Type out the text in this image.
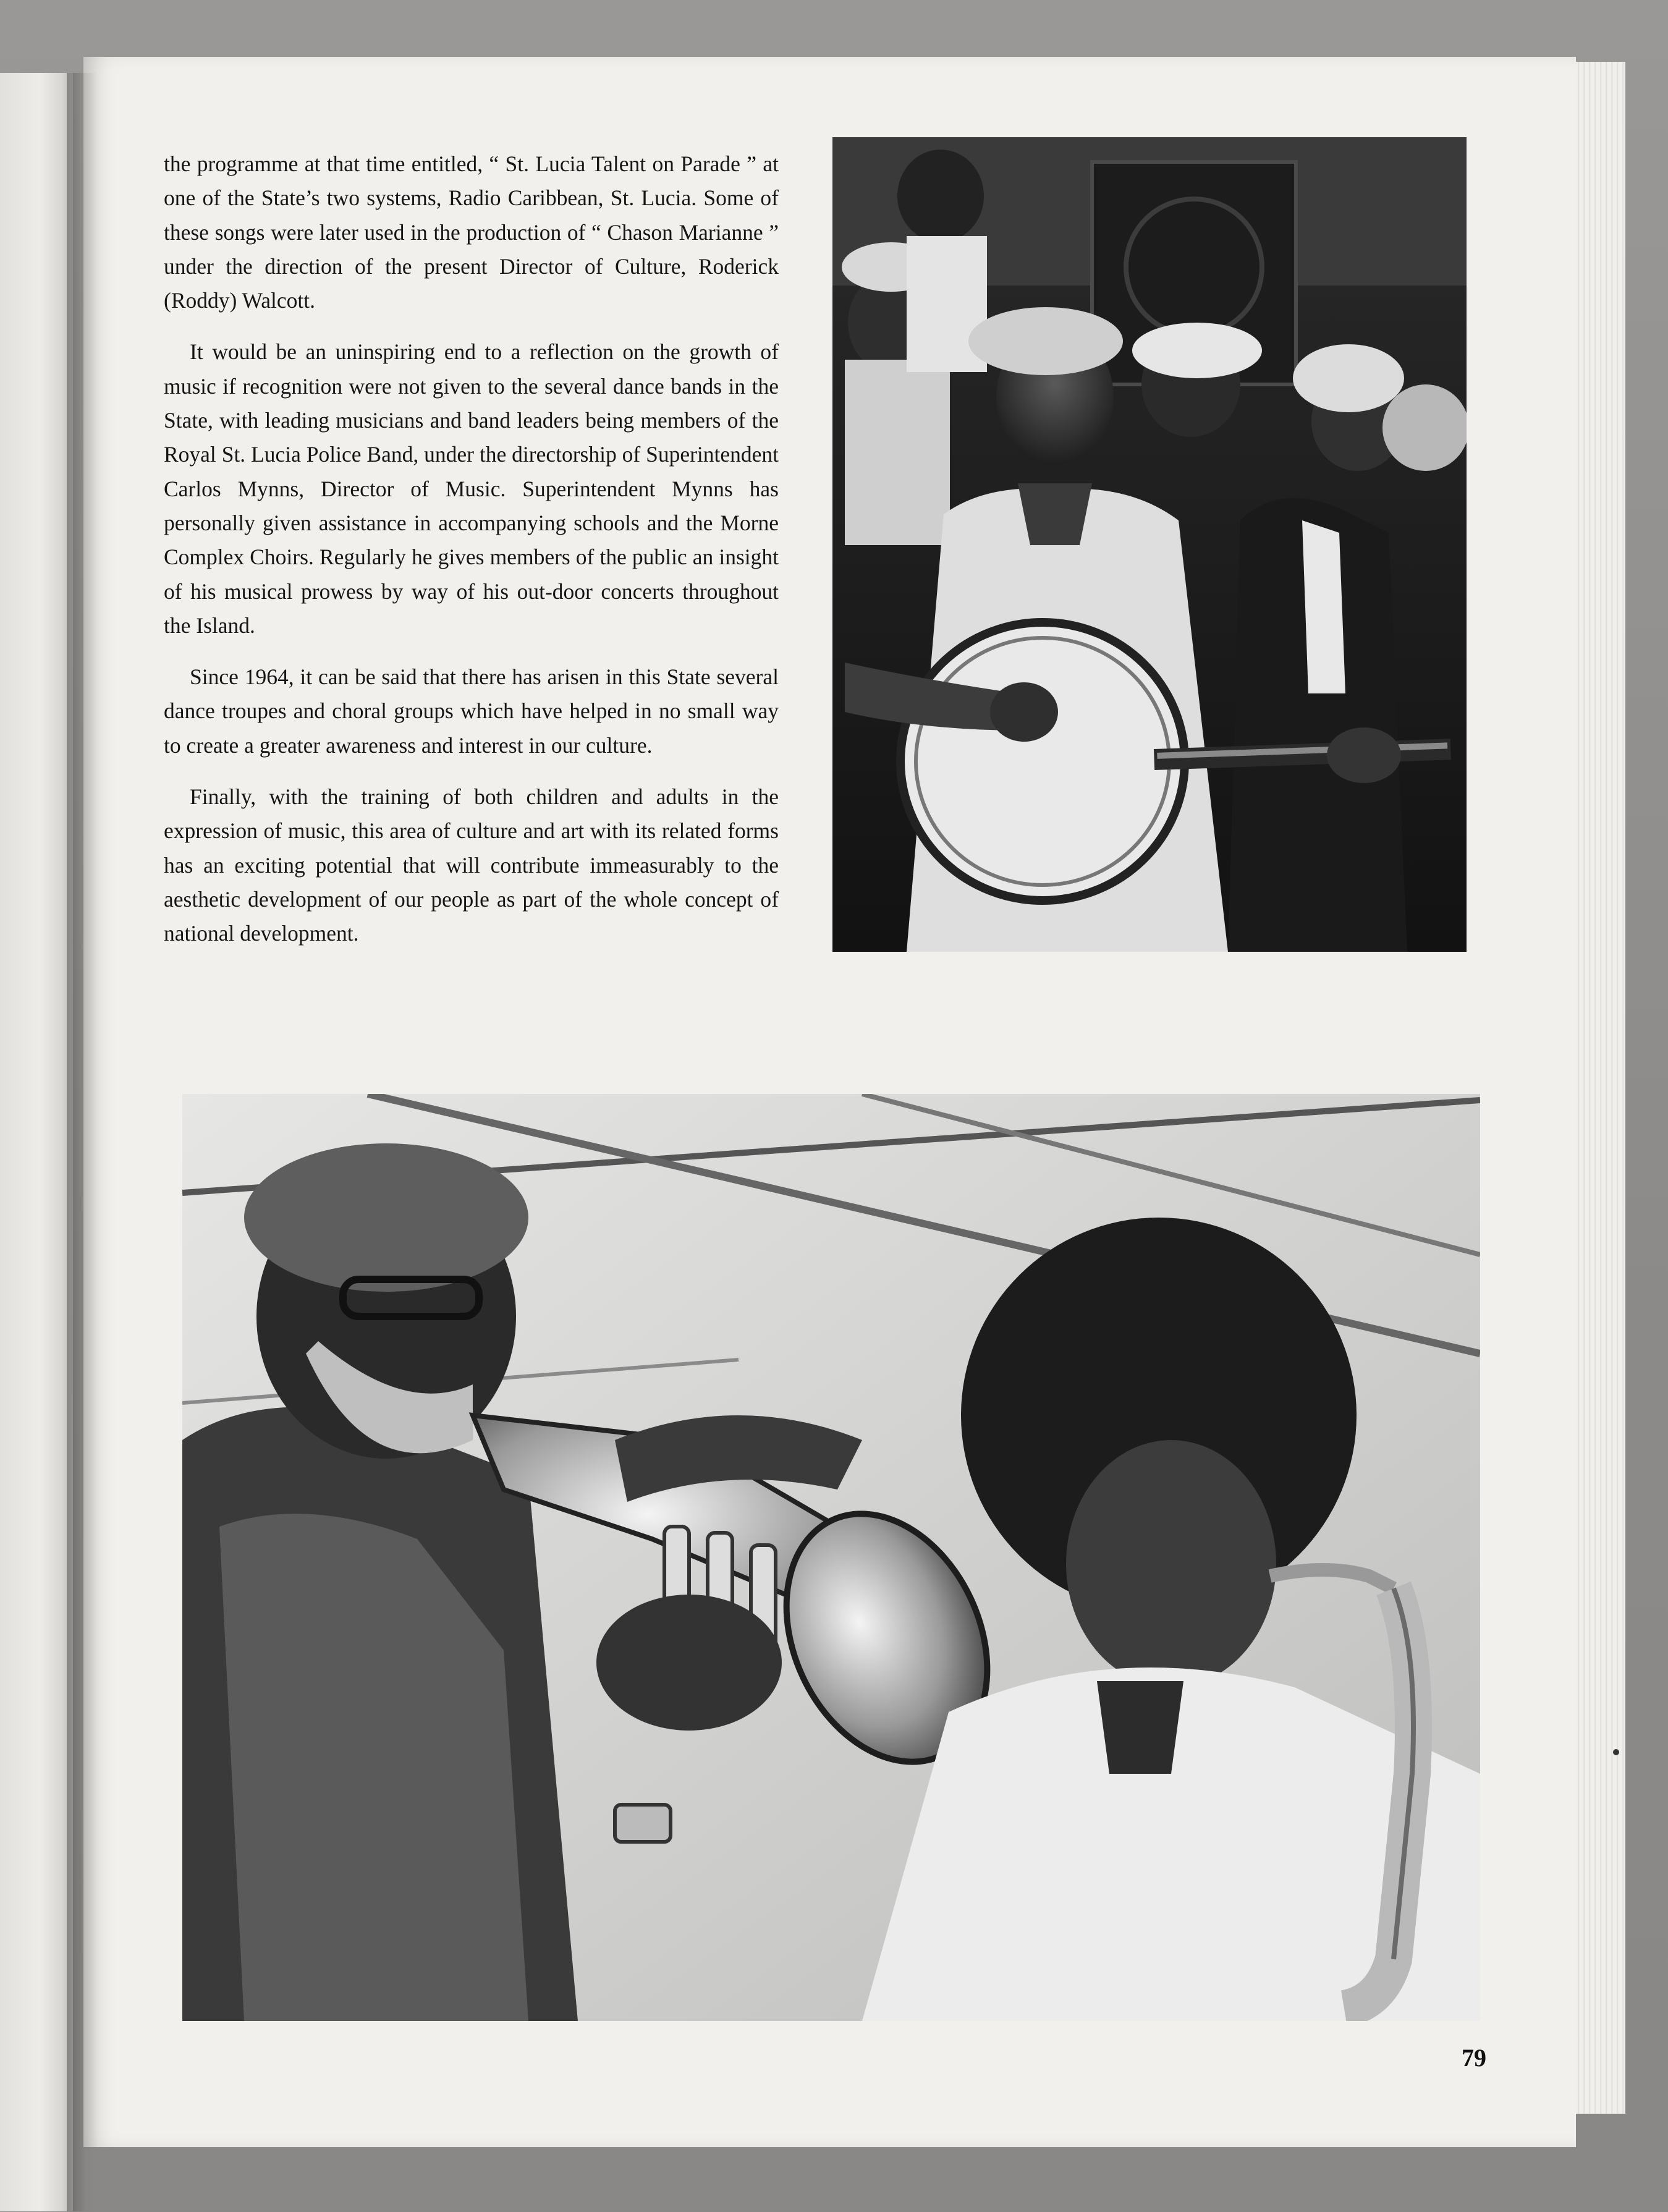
the programme at that time entitled, “ St. Lucia Talent on Parade ” at one of the State’s two systems, Radio Caribbean, St. Lucia. Some of these songs were later used in the production of “ Chason Marianne ” under the direction of the present Director of Culture, Roderick (Roddy) Walcott.

It would be an uninspiring end to a reflection on the growth of music if recognition were not given to the several dance bands in the State, with leading musicians and band leaders being members of the Royal St. Lucia Police Band, under the directorship of Superintendent Carlos Mynns, Director of Music. Superintendent Mynns has personally given assistance in accompanying schools and the Morne Complex Choirs. Regularly he gives members of the public an insight of his musical prowess by way of his out-door concerts throughout the Island.

Since 1964, it can be said that there has arisen in this State several dance troupes and choral groups which have helped in no small way to create a greater awareness and interest in our culture.

Finally, with the training of both children and adults in the expression of music, this area of culture and art with its related forms has an exciting potential that will contribute immeasurably to the aesthetic development of our people as part of the whole concept of national development.

79
